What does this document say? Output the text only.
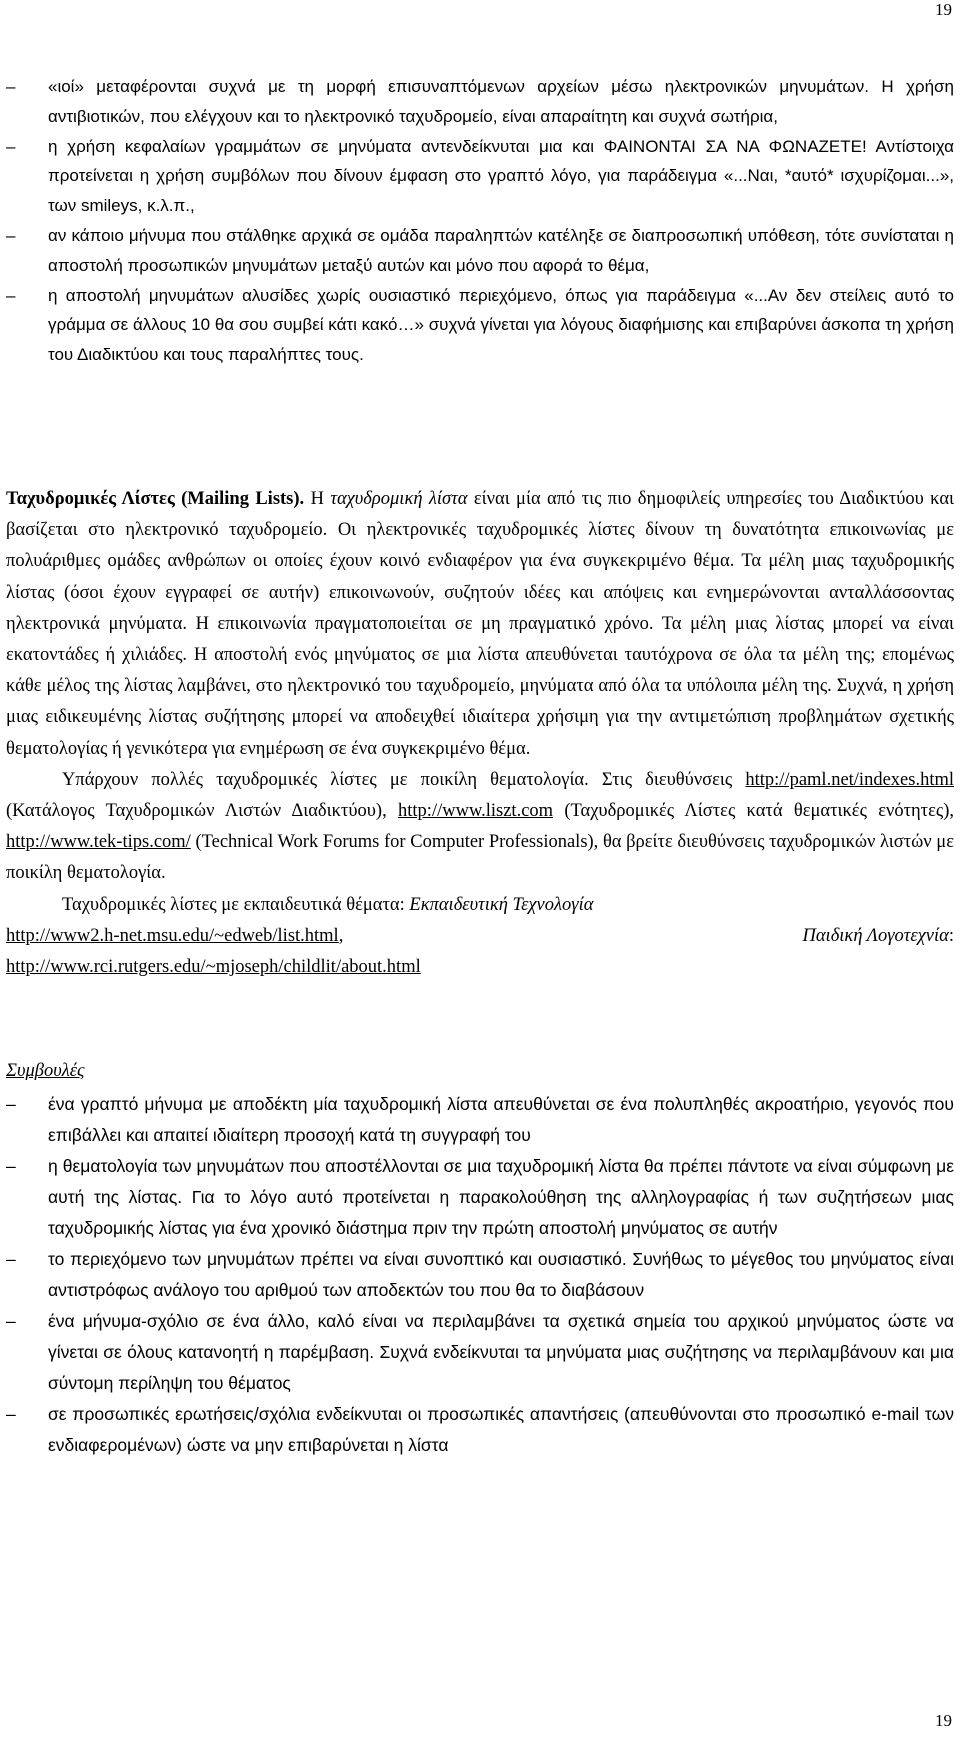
19
– «ιοί» μεταφέρονται συχνά με τη μορφή επισυναπτόμενων αρχείων μέσω ηλεκτρονικών μηνυμάτων. Η χρήση αντιβιοτικών, που ελέγχουν και το ηλεκτρονικό ταχυδρομείο, είναι απαραίτητη και συχνά σωτήρια,
– η χρήση κεφαλαίων γραμμάτων σε μηνύματα αντενδείκνυται μια και ΦΑΙΝΟΝΤΑΙ ΣΑ ΝΑ ΦΩΝΑΖΕΤΕ! Αντίστοιχα προτείνεται η χρήση συμβόλων που δίνουν έμφαση στο γραπτό λόγο, για παράδειγμα «...Ναι, *αυτό* ισχυρίζομαι...», των smileys, κ.λ.π.,
– αν κάποιο μήνυμα που στάλθηκε αρχικά σε ομάδα παραληπτών κατέληξε σε διαπροσωπική υπόθεση, τότε συνίσταται η αποστολή προσωπικών μηνυμάτων μεταξύ αυτών και μόνο που αφορά το θέμα,
– η αποστολή μηνυμάτων αλυσίδες χωρίς ουσιαστικό περιεχόμενο, όπως για παράδειγμα «...Αν δεν στείλεις αυτό το γράμμα σε άλλους 10 θα σου συμβεί κάτι κακό…» συχνά γίνεται για λόγους διαφήμισης και επιβαρύνει άσκοπα τη χρήση του Διαδικτύου και τους παραλήπτες τους.

Ταχυδρομικές Λίστες (Mailing Lists). Η ταχυδρομική λίστα είναι μία από τις πιο δημοφιλείς υπηρεσίες του Διαδικτύου και βασίζεται στο ηλεκτρονικό ταχυδρομείο. Οι ηλεκτρονικές ταχυδρομικές λίστες δίνουν τη δυνατότητα επικοινωνίας με πολυάριθμες ομάδες ανθρώπων οι οποίες έχουν κοινό ενδιαφέρον για ένα συγκεκριμένο θέμα. Τα μέλη μιας ταχυδρομικής λίστας (όσοι έχουν εγγραφεί σε αυτήν) επικοινωνούν, συζητούν ιδέες και απόψεις και ενημερώνονται ανταλλάσσοντας ηλεκτρονικά μηνύματα. Η επικοινωνία πραγματοποιείται σε μη πραγματικό χρόνο. Τα μέλη μιας λίστας μπορεί να είναι εκατοντάδες ή χιλιάδες. Η αποστολή ενός μηνύματος σε μια λίστα απευθύνεται ταυτόχρονα σε όλα τα μέλη της; επομένως κάθε μέλος της λίστας λαμβάνει, στο ηλεκτρονικό του ταχυδρομείο, μηνύματα από όλα τα υπόλοιπα μέλη της. Συχνά, η χρήση μιας ειδικευμένης λίστας συζήτησης μπορεί να αποδειχθεί ιδιαίτερα χρήσιμη για την αντιμετώπιση προβλημάτων σχετικής θεματολογίας ή γενικότερα για ενημέρωση σε ένα συγκεκριμένο θέμα.

Υπάρχουν πολλές ταχυδρομικές λίστες με ποικίλη θεματολογία. Στις διευθύνσεις http://paml.net/indexes.html (Κατάλογος Ταχυδρομικών Λιστών Διαδικτύου), http://www.liszt.com (Ταχυδρομικές Λίστες κατά θεματικές ενότητες), http://www.tek-tips.com/ (Technical Work Forums for Computer Professionals), θα βρείτε διευθύνσεις ταχυδρομικών λιστών με ποικίλη θεματολογία.

Ταχυδρομικές λίστες με εκπαιδευτικά θέματα: Εκπαιδευτική Τεχνολογία

http://www2.h-net.msu.edu/~edweb/list.html,	Παιδική Λογοτεχνία:
http://www.rci.rutgers.edu/~mjoseph/childlit/about.html
Συμβουλές
– ένα γραπτό μήνυμα με αποδέκτη μία ταχυδρομική λίστα απευθύνεται σε ένα πολυπληθές ακροατήριο, γεγονός που επιβάλλει και απαιτεί ιδιαίτερη προσοχή κατά τη συγγραφή του
– η θεματολογία των μηνυμάτων που αποστέλλονται σε μια ταχυδρομική λίστα θα πρέπει πάντοτε να είναι σύμφωνη με αυτή της λίστας. Για το λόγο αυτό προτείνεται η παρακολούθηση της αλληλογραφίας ή των συζητήσεων μιας ταχυδρομικής λίστας για ένα χρονικό διάστημα πριν την πρώτη αποστολή μηνύματος σε αυτήν
– το περιεχόμενο των μηνυμάτων πρέπει να είναι συνοπτικό και ουσιαστικό. Συνήθως το μέγεθος του μηνύματος είναι αντιστρόφως ανάλογο του αριθμού των αποδεκτών του που θα το διαβάσουν
– ένα μήνυμα-σχόλιο σε ένα άλλο, καλό είναι να περιλαμβάνει τα σχετικά σημεία του αρχικού μηνύματος ώστε να γίνεται σε όλους κατανοητή η παρέμβαση. Συχνά ενδείκνυται τα μηνύματα μιας συζήτησης να περιλαμβάνουν και μια σύντομη περίληψη του θέματος
– σε προσωπικές ερωτήσεις/σχόλια ενδείκνυται οι προσωπικές απαντήσεις (απευθύνονται στο προσωπικό e-mail των ενδιαφερομένων) ώστε να μην επιβαρύνεται η λίστα
19
